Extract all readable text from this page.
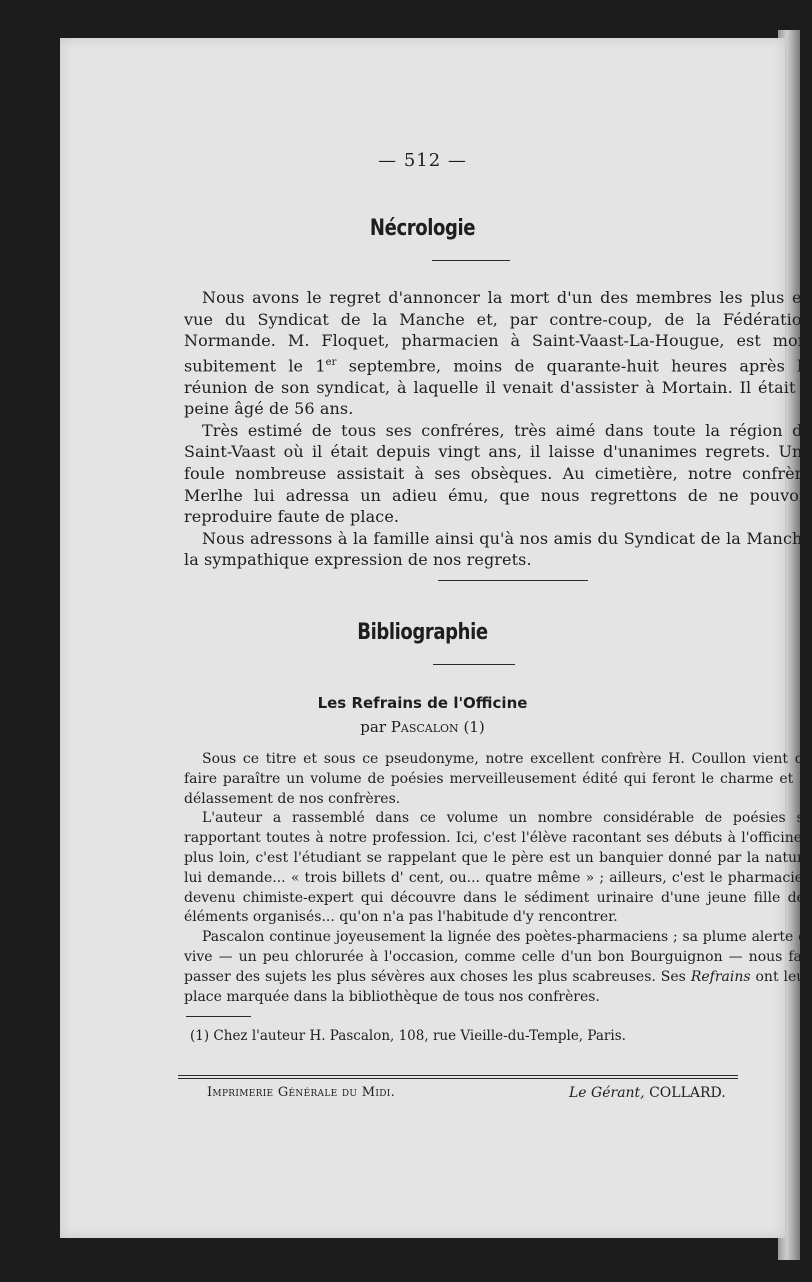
— 512 —
Nécrologie

Nous avons le regret d'annoncer la mort d'un des membres les plus en vue du Syndicat de la Manche et, par contre-coup, de la Fédération Normande. M. Floquet, pharmacien à Saint-Vaast-La-Hougue, est mort subitement le 1er septembre, moins de quarante-huit heures après la réunion de son syndicat, à laquelle il venait d'assister à Mortain. Il était à peine âgé de 56 ans.

Très estimé de tous ses confréres, très aimé dans toute la région de Saint-Vaast où il était depuis vingt ans, il laisse d'unanimes regrets. Une foule nombreuse assistait à ses obsèques. Au cimetière, notre confrère Merlhe lui adressa un adieu ému, que nous regrettons de ne pouvoir reproduire faute de place.

Nous adressons à la famille ainsi qu'à nos amis du Syndicat de la Manche la sympathique expression de nos regrets.

Bibliographie
Les Refrains de l'Officine
par Pascalon (1)

Sous ce titre et sous ce pseudonyme, notre excellent confrère H. Coullon vient de faire paraître un volume de poésies merveilleusement édité qui feront le charme et le délassement de nos confrères.

L'auteur a rassemblé dans ce volume un nombre considérable de poésies se rapportant toutes à notre profession. Ici, c'est l'élève racontant ses débuts à l'officine ; plus loin, c'est l'étudiant se rappelant que le père est un banquier donné par la nature lui demande... « trois billets d' cent, ou... quatre même » ; ailleurs, c'est le pharmacien devenu chimiste-expert qui découvre dans le sédiment urinaire d'une jeune fille des éléments organisés... qu'on n'a pas l'habitude d'y rencontrer.

Pascalon continue joyeusement la lignée des poètes-pharmaciens ; sa plume alerte et vive — un peu chlorurée à l'occasion, comme celle d'un bon Bourguignon — nous fait passer des sujets les plus sévères aux choses les plus scabreuses. Ses Refrains ont leur place marquée dans la bibliothèque de tous nos confrères.

(1) Chez l'auteur H. Pascalon, 108, rue Vieille-du-Temple, Paris.
Imprimerie Générale du Midi.	Le Gérant, COLLARD.
